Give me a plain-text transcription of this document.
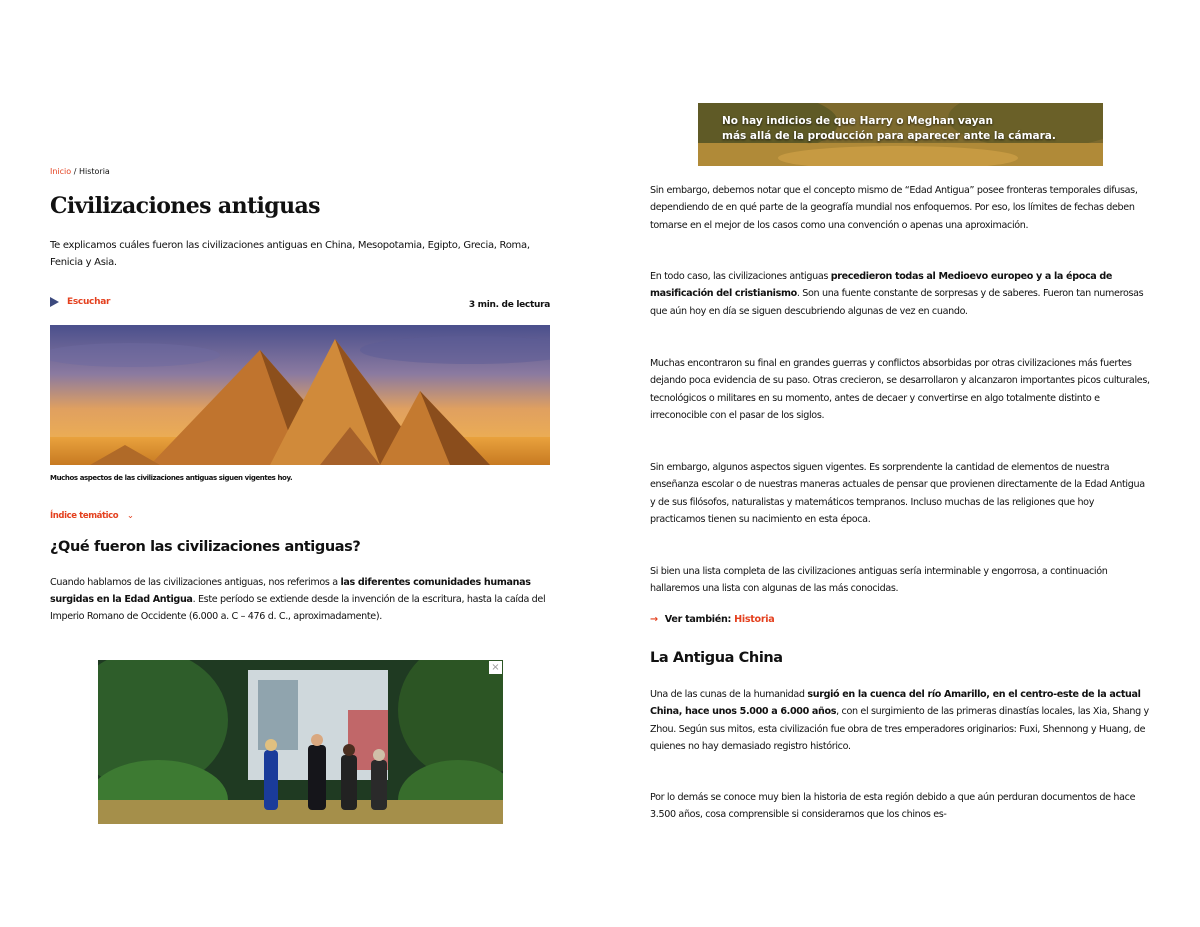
Inicio / Historia
Civilizaciones antiguas

Te explicamos cuáles fueron las civilizaciones antiguas en China, Mesopotamia, Egipto, Grecia, Roma, Fenicia y Asia.

Escuchar	3 min. de lectura
Muchos aspectos de las civilizaciones antiguas siguen vigentes hoy.
Índice temático ⌄
¿Qué fueron las civilizaciones antiguas?

Cuando hablamos de las civilizaciones antiguas, nos referimos a las diferentes comunidades humanas surgidas en la Edad Antigua. Este período se extiende desde la invención de la escritura, hasta la caída del Imperio Romano de Occidente (6.000 a. C – 476 d. C., aproximadamente).

×
No hay indicios de que Harry o Meghan vayan
más allá de la producción para aparecer ante la cámara.

Sin embargo, debemos notar que el concepto mismo de “Edad Antigua” posee fronteras temporales difusas, dependiendo de en qué parte de la geografía mundial nos enfoquemos. Por eso, los límites de fechas deben tomarse en el mejor de los casos como una convención o apenas una aproximación.

En todo caso, las civilizaciones antiguas precedieron todas al Medioevo europeo y a la época de masificación del cristianismo. Son una fuente constante de sorpresas y de saberes. Fueron tan numerosas que aún hoy en día se siguen descubriendo algunas de vez en cuando.

Muchas encontraron su final en grandes guerras y conflictos absorbidas por otras civilizaciones más fuertes dejando poca evidencia de su paso. Otras crecieron, se desarrollaron y alcanzaron importantes picos culturales, tecnológicos o militares en su momento, antes de decaer y convertirse en algo totalmente distinto e irreconocible con el pasar de los siglos.

Sin embargo, algunos aspectos siguen vigentes. Es sorprendente la cantidad de elementos de nuestra enseñanza escolar o de nuestras maneras actuales de pensar que provienen directamente de la Edad Antigua y de sus filósofos, naturalistas y matemáticos tempranos. Incluso muchas de las religiones que hoy practicamos tienen su nacimiento en esta época.

Si bien una lista completa de las civilizaciones antiguas sería interminable y engorrosa, a continuación hallaremos una lista con algunas de las más conocidas.

→ Ver también: Historia
La Antigua China

Una de las cunas de la humanidad surgió en la cuenca del río Amarillo, en el centro-este de la actual China, hace unos 5.000 a 6.000 años, con el surgimiento de las primeras dinastías locales, las Xia, Shang y Zhou. Según sus mitos, esta civilización fue obra de tres emperadores originarios: Fuxi, Shennong y Huang, de quienes no hay demasiado registro histórico.

Por lo demás se conoce muy bien la historia de esta región debido a que aún perduran documentos de hace 3.500 años, cosa comprensible si consideramos que los chinos es-
